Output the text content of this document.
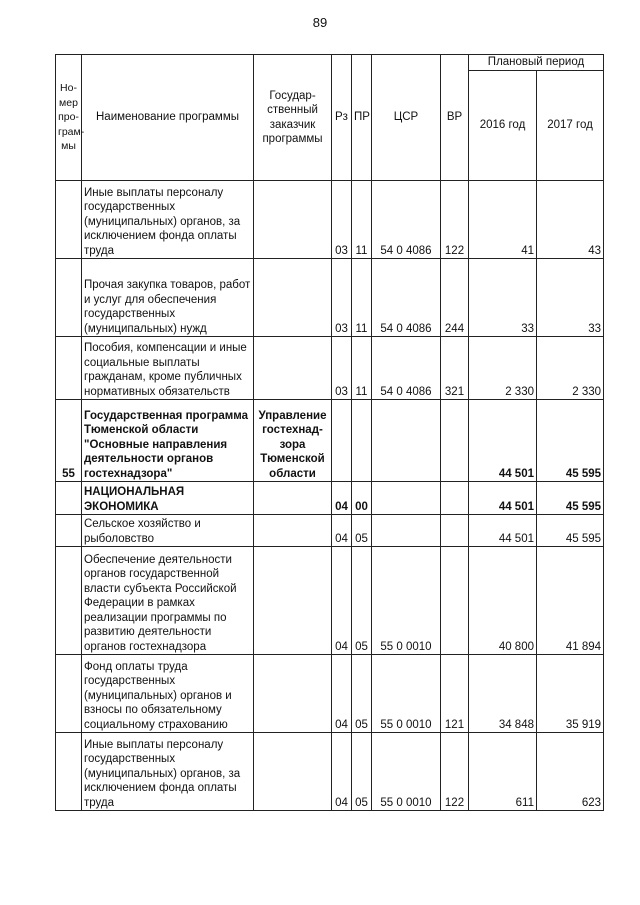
89
Но-
мер
про-
грам-
мы	Наименование программы	Государ-
ственный
заказчик
программы	Рз	ПР	ЦСР	ВР	Плановый период	
							2016 год	2017 год
	Иные выплаты персоналу государственных (муниципальных) органов, за исключением фонда оплаты труда		03	11	54 0 4086	122	41	43
	Прочая закупка товаров, работ и услуг для обеспечения государственных (муниципальных) нужд		03	11	54 0 4086	244	33	33
	Пособия, компенсации и иные социальные выплаты гражданам, кроме публичных нормативных обязательств		03	11	54 0 4086	321	2 330	2 330
55	Государственная программа Тюменской области "Основные направления деятельности органов гостехнадзора"	Управление гостехнад-зора Тюменской области					44 501	45 595
	НАЦИОНАЛЬНАЯ ЭКОНОМИКА		04	00			44 501	45 595
	Сельское хозяйство и рыболовство		04	05			44 501	45 595
	Обеспечение деятельности органов государственной власти субъекта Российской Федерации в рамках реализации программы по развитию деятельности органов гостехнадзора		04	05	55 0 0010		40 800	41 894
	Фонд оплаты труда государственных (муниципальных) органов и взносы по обязательному социальному страхованию		04	05	55 0 0010	121	34 848	35 919
	Иные выплаты персоналу государственных (муниципальных) органов, за исключением фонда оплаты труда		04	05	55 0 0010	122	611	623
